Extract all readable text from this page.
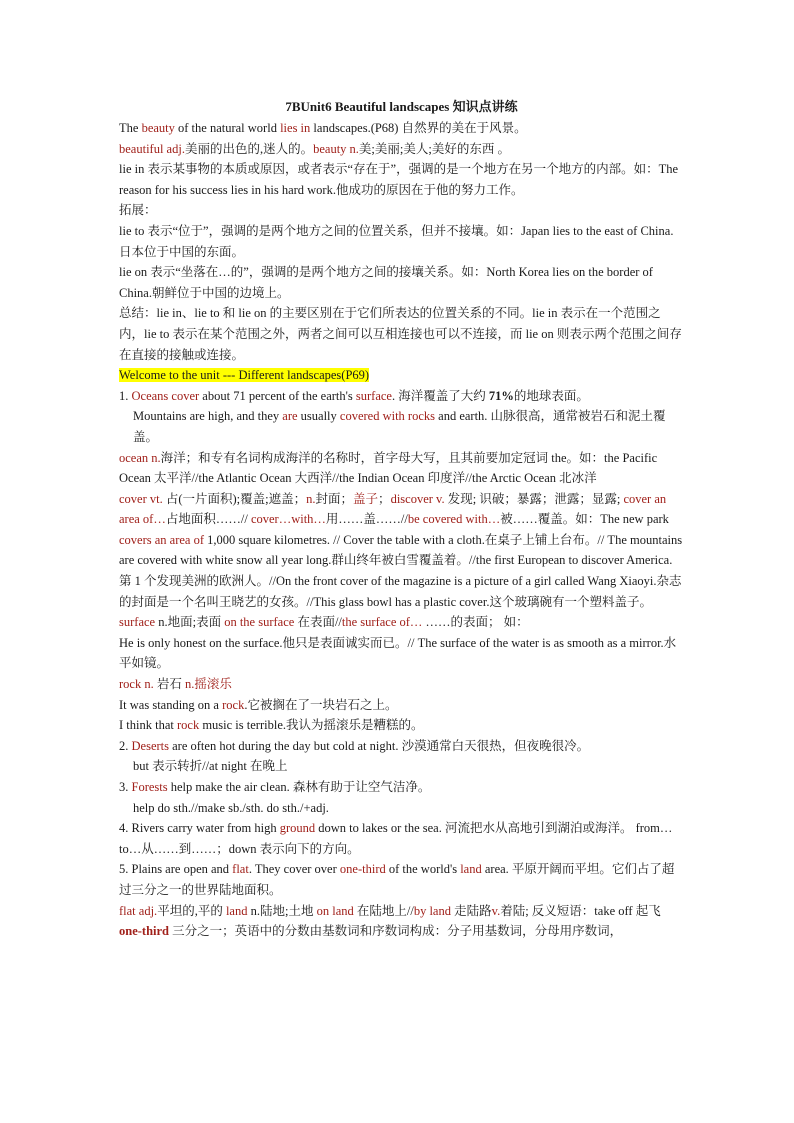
7BUnit6 Beautiful landscapes 知识点讲练
The beauty of the natural world lies in landscapes.(P68) 自然界的美在于风景。
beautiful adj.美丽的出色的,迷人的。beauty n.美;美丽;美人;美好的东西 。
lie in 表示某事物的本质或原因，或者表示“存在于”，强调的是一个地方在另一个地方的内部。如：The reason for his success lies in his hard work.他成功的原因在于他的努力工作。
拓展：
lie to 表示“位于”，强调的是两个地方之间的位置关系，但并不接壤。如：Japan lies to the east of China.日本位于中国的东面。
lie on 表示“坐落在…的”，强调的是两个地方之间的接壤关系。如：North Korea lies on the border of China.朝鲜位于中国的边境上。
总结：lie in、lie to 和 lie on 的主要区别在于它们所表达的位置关系的不同。lie in 表示在一个范围之内，lie to 表示在某个范围之外，两者之间可以互相连接也可以不连接，而 lie on 则表示两个范围之间存在直接的接触或连接。
Welcome to the unit --- Different landscapes(P69)
1. Oceans cover about 71 percent of the earth's surface. 海洋覆盖了大约 71%的地球表面。
Mountains are high, and they are usually covered with rocks and earth. 山脉很高，通常被岩石和泥土覆盖。
ocean n.海洋；和专有名词构成海洋的名称时，首字母大写，且其前要加定冠词 the。如：the Pacific Ocean 太平洋//the Atlantic Ocean 大西洋//the Indian Ocean 印度洋//the Arctic Ocean 北冰洋
cover vt. 占(一片面积);覆盖;遮盖；n.封面；盖子；discover v. 发现; 识破；暴露；泄露；显露; cover an area of…占地面积……// cover…with…用……盖……//be covered with…被……覆盖。如：The new park covers an area of 1,000 square kilometres. // Cover the table with a cloth.在桌子上铺上台布。// The mountains are covered with white snow all year long.群山终年被白雪覆盖着。//the first European to discover America.第 1 个发现美洲的欧洲人。//On the front cover of the magazine is a picture of a girl called Wang Xiaoyi.杂志的封面是一个名叫王晓艺的女孩。//This glass bowl has a plastic cover.这个玻璃碗有一个塑料盖子。
surface n.地面;表面 on the surface 在表面//the surface of… ……的表面； 如：
He is only honest on the surface.他只是表面诚实而已。// The surface of the water is as smooth as a mirror.水平如镜。
rock n. 岩石 n.摇滚乐
It was standing on a rock.它被搁在了一块岩石之上。
I think that rock music is terrible.我认为摇滚乐是糟糕的。
2. Deserts are often hot during the day but cold at night. 沙漠通常白天很热，但夜晚很冷。
but 表示转折//at night 在晚上
3. Forests help make the air clean. 森林有助于让空气洁净。
help do sth.//make sb./sth. do sth./+adj.
4. Rivers carry water from high ground down to lakes or the sea. 河流把水从高地引到湖泊或海洋。 from…to…从……到……；down 表示向下的方向。
5. Plains are open and flat. They cover over one-third of the world's land area. 平原开阔而平坦。它们占了超过三分之一的世界陆地面积。
flat adj.平坦的,平的 land n.陆地;土地 on land 在陆地上//by land 走陆路v.着陆; 反义短语：take off 起飞
one-third 三分之一；英语中的分数由基数词和序数词构成：分子用基数词，分母用序数词，
